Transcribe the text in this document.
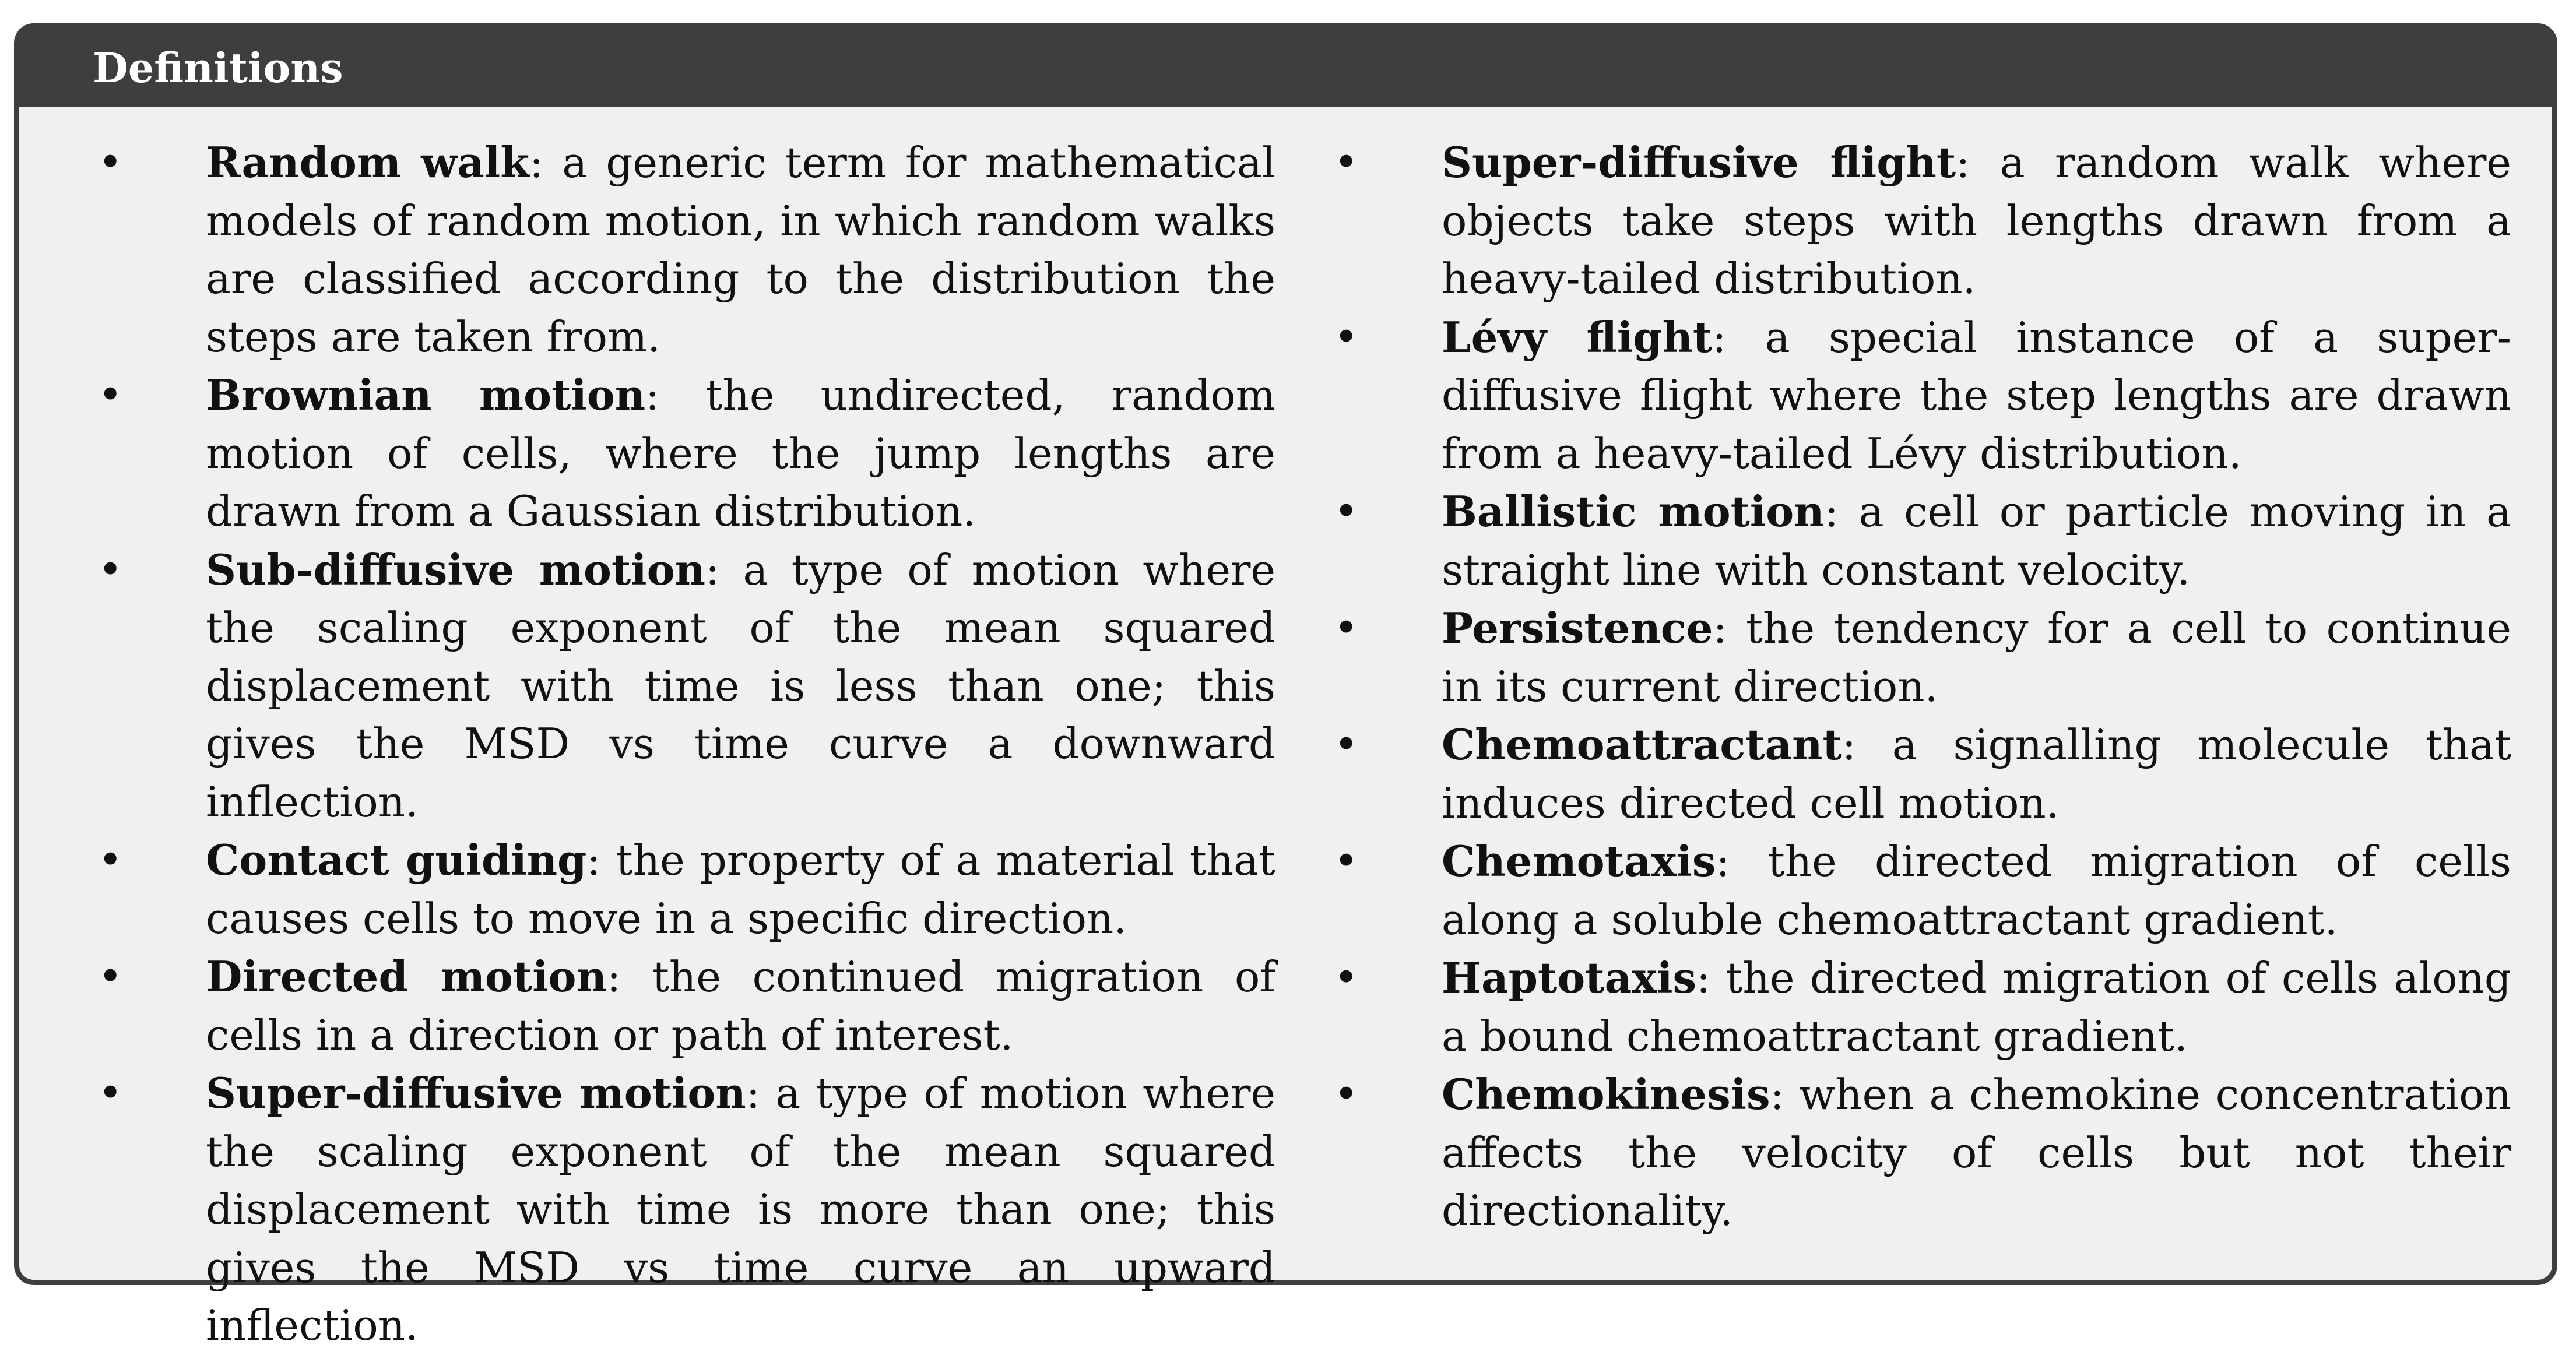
Definitions
• Random walk: a generic term for mathematical models of random motion, in which random walks are classified according to the distribution the steps are taken from.
• Brownian motion: the undirected, random motion of cells, where the jump lengths are drawn from a Gaussian distribution.
• Sub-diffusive motion: a type of motion where the scaling exponent of the mean squared displacement with time is less than one; this gives the MSD vs time curve a downward inflection.
• Contact guiding: the property of a material that causes cells to move in a specific direction.
• Directed motion: the continued migration of cells in a direction or path of interest.
• Super-diffusive motion: a type of motion where the scaling exponent of the mean squared displacement with time is more than one; this gives the MSD vs time curve an upward inflection.
• Super-diffusive flight: a random walk where objects take steps with lengths drawn from a heavy-tailed distribution.
• Lévy flight: a special instance of a super-diffusive flight where the step lengths are drawn from a heavy-tailed Lévy distribution.
• Ballistic motion: a cell or particle moving in a straight line with constant velocity.
• Persistence: the tendency for a cell to continue in its current direction.
• Chemoattractant: a signalling molecule that induces directed cell motion.
• Chemotaxis: the directed migration of cells along a soluble chemoattractant gradient.
• Haptotaxis: the directed migration of cells along a bound chemoattractant gradient.
• Chemokinesis: when a chemokine concentration affects the velocity of cells but not their directionality.
